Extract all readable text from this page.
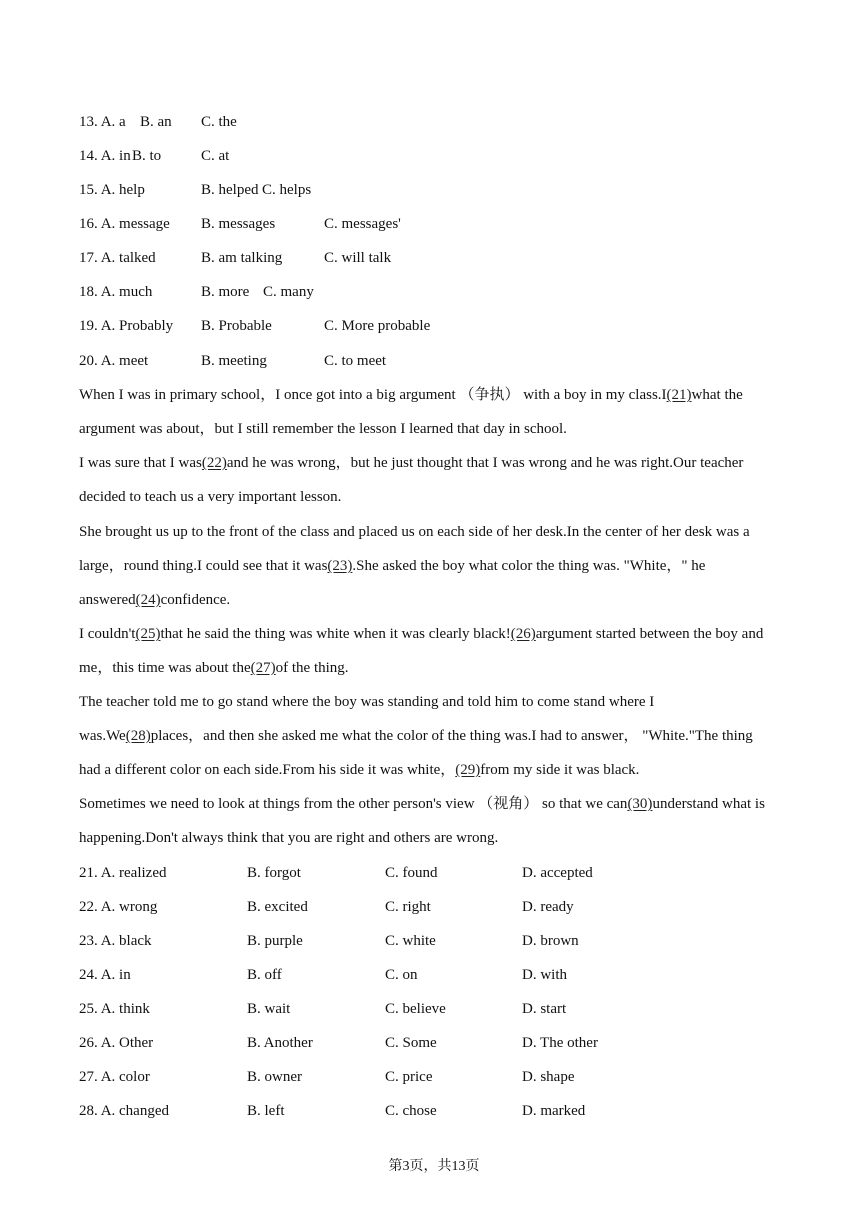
13. A. a B. an C. the
14. A. in B. to	C. at
15. A. help	B. helped C. helps
16. A. message B. messages	C. messages'
17. A. talked	B. am talking	C. will talk
18. A. much	B. more C. many
19. A. Probably B. Probable	C. More probable
20. A. meet	B. meeting	C. to meet
When I was in primary school，I once got into a big argument （争执） with a boy in my class.I(21)what the
argument was about，but I still remember the lesson I learned that day in school.
I was sure that I was(22)and he was wrong，but he just thought that I was wrong and he was right.Our teacher
decided to teach us a very important lesson.
She brought us up to the front of the class and placed us on each side of her desk.In the center of her desk was a
large，round thing.I could see that it was(23).She asked the boy what color the thing was. "White，" he
answered(24)confidence.
I couldn't(25)that he said the thing was white when it was clearly black!(26)argument started between the boy and
me，this time was about the(27)of the thing.
The teacher told me to go stand where the boy was standing and told him to come stand where I
was.We(28)places，and then she asked me what the color of the thing was.I had to answer， "White."The thing
had a different color on each side.From his side it was white，(29)from my side it was black.
Sometimes we need to look at things from the other person's view （视角） so that we can(30)understand what is
happening.Don't always think that you are right and others are wrong.
21. A. realized	B. forgot	C. found	D. accepted
22. A. wrong	B. excited	C. right	D. ready
23. A. black	B. purple	C. white	D. brown
24. A. in	B. off	C. on	D. with
25. A. think	B. wait	C. believe	D. start
26. A. Other	B. Another	C. Some	D. The other
27. A. color	B. owner	C. price	D. shape
28. A. changed	B. left	C. chose	D. marked
第3页，共13页
